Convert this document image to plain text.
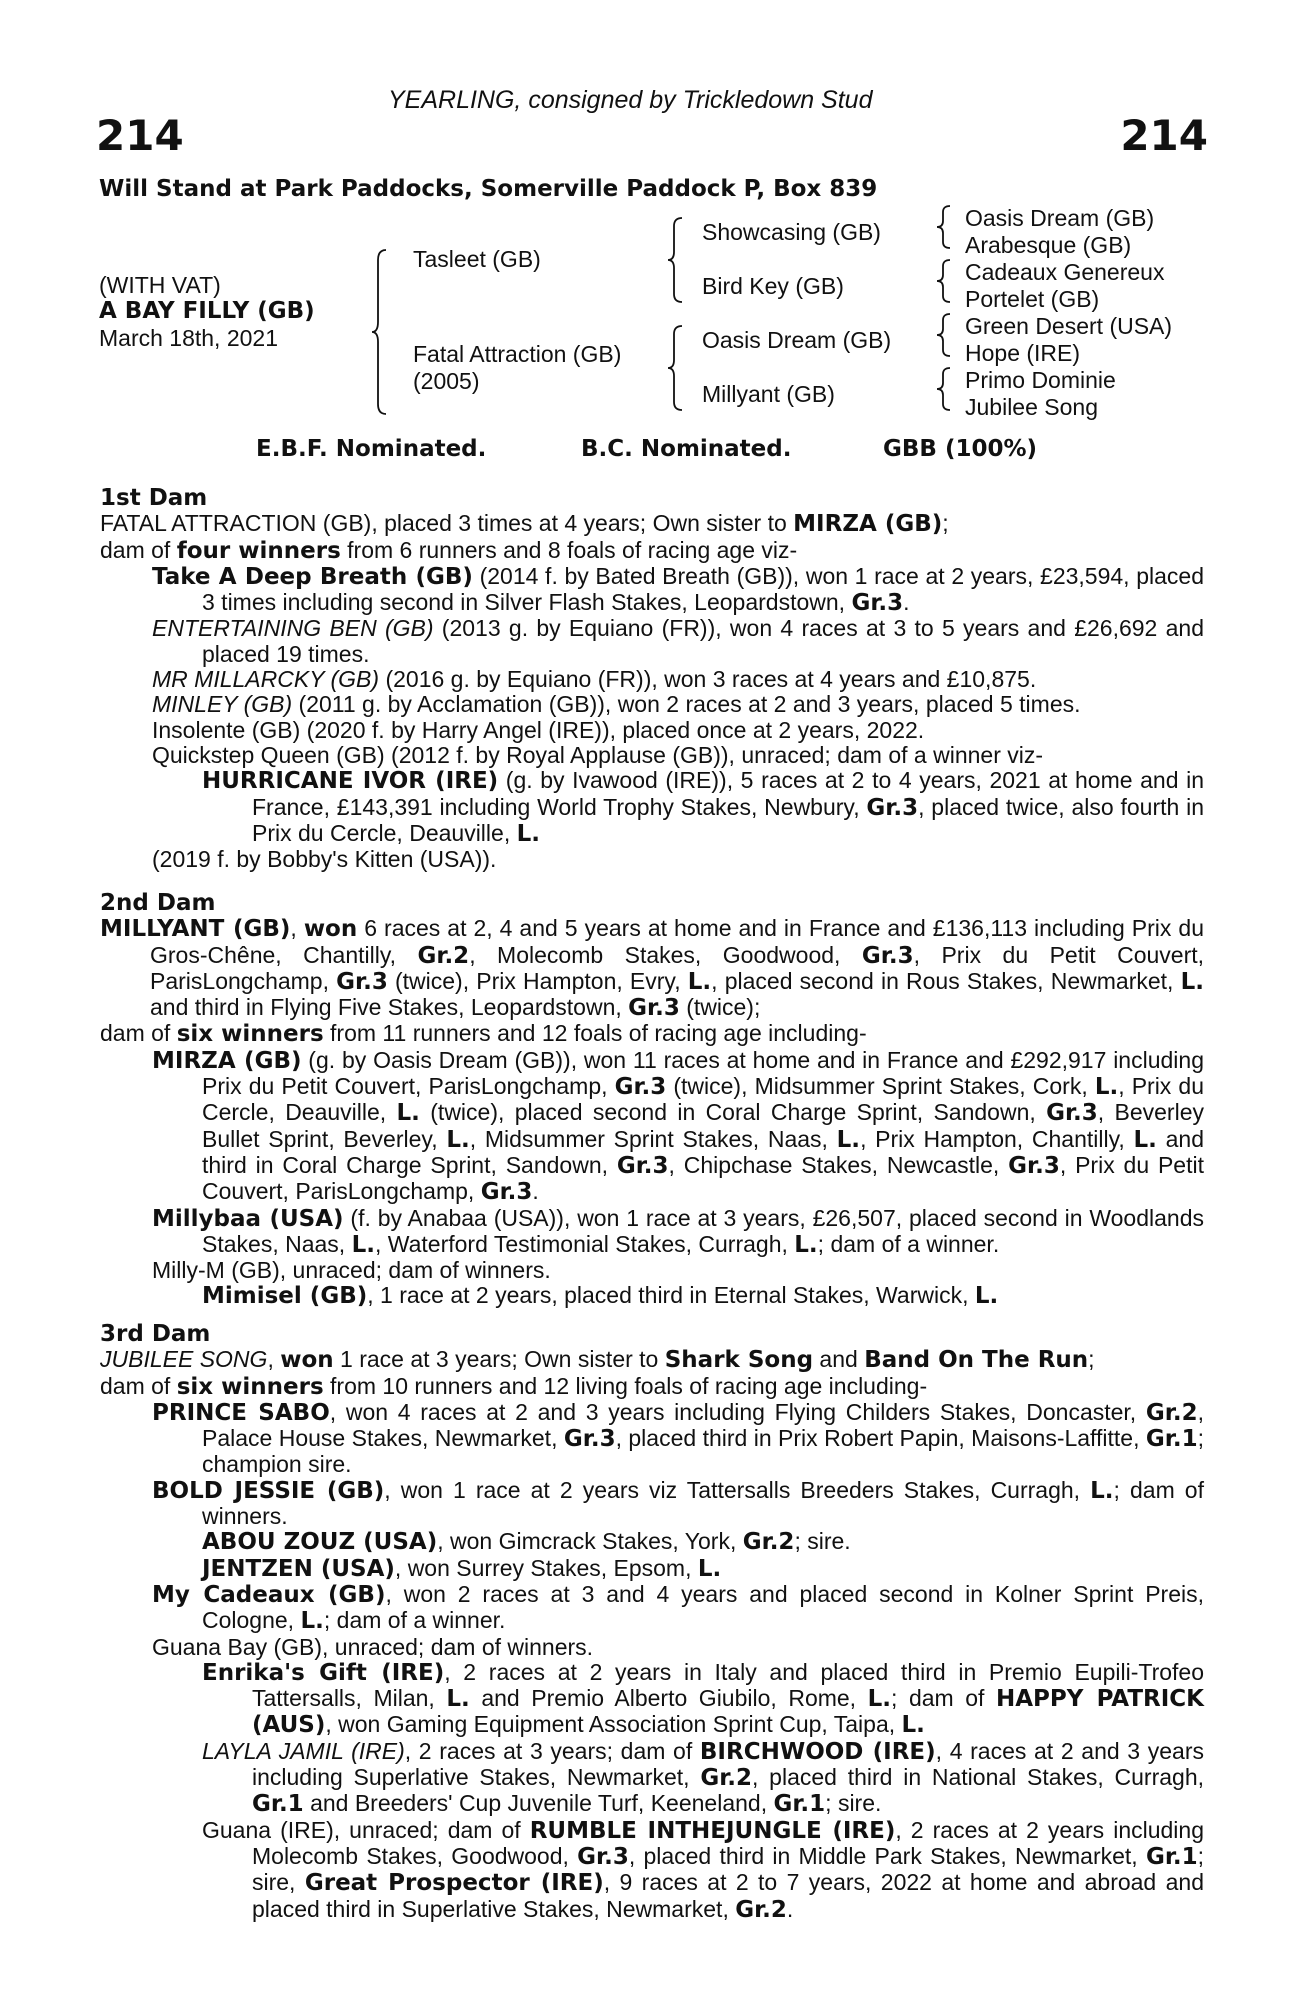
YEARLING, consigned by Trickledown Stud
214	214
Will Stand at Park Paddocks, Somerville Paddock P, Box 839
(WITH VAT)
A BAY FILLY (GB)
March 18th, 2021
Tasleet (GB)
Fatal Attraction (GB)
(2005)
Showcasing (GB)
Bird Key (GB)
Oasis Dream (GB)
Millyant (GB)
Oasis Dream (GB)
Arabesque (GB)
Cadeaux Genereux
Portelet (GB)
Green Desert (USA)
Hope (IRE)
Primo Dominie
Jubilee Song
E.B.F. Nominated.	B.C. Nominated.	GBB (100%)

1st Dam

FATAL ATTRACTION (GB), placed 3 times at 4 years; Own sister to MIRZA (GB);

dam of four winners from 6 runners and 8 foals of racing age viz-

Take A Deep Breath (GB) (2014 f. by Bated Breath (GB)), won 1 race at 2 years, £23,594, placed 3 times including second in Silver Flash Stakes, Leopardstown, Gr.3.

ENTERTAINING BEN (GB) (2013 g. by Equiano (FR)), won 4 races at 3 to 5 years and £26,692 and placed 19 times.

MR MILLARCKY (GB) (2016 g. by Equiano (FR)), won 3 races at 4 years and £10,875.

MINLEY (GB) (2011 g. by Acclamation (GB)), won 2 races at 2 and 3 years, placed 5 times.

Insolente (GB) (2020 f. by Harry Angel (IRE)), placed once at 2 years, 2022.

Quickstep Queen (GB) (2012 f. by Royal Applause (GB)), unraced; dam of a winner viz-

HURRICANE IVOR (IRE) (g. by Ivawood (IRE)), 5 races at 2 to 4 years, 2021 at home and in France, £143,391 including World Trophy Stakes, Newbury, Gr.3, placed twice, also fourth in Prix du Cercle, Deauville, L.

(2019 f. by Bobby's Kitten (USA)).

2nd Dam

MILLYANT (GB), won 6 races at 2, 4 and 5 years at home and in France and £136,113 including Prix du Gros-Chêne, Chantilly, Gr.2, Molecomb Stakes, Goodwood, Gr.3, Prix du Petit Couvert, ParisLongchamp, Gr.3 (twice), Prix Hampton, Evry, L., placed second in Rous Stakes, Newmarket, L. and third in Flying Five Stakes, Leopardstown, Gr.3 (twice);

dam of six winners from 11 runners and 12 foals of racing age including-

MIRZA (GB) (g. by Oasis Dream (GB)), won 11 races at home and in France and £292,917 including Prix du Petit Couvert, ParisLongchamp, Gr.3 (twice), Midsummer Sprint Stakes, Cork, L., Prix du Cercle, Deauville, L. (twice), placed second in Coral Charge Sprint, Sandown, Gr.3, Beverley Bullet Sprint, Beverley, L., Midsummer Sprint Stakes, Naas, L., Prix Hampton, Chantilly, L. and third in Coral Charge Sprint, Sandown, Gr.3, Chipchase Stakes, Newcastle, Gr.3, Prix du Petit Couvert, ParisLongchamp, Gr.3.

Millybaa (USA) (f. by Anabaa (USA)), won 1 race at 3 years, £26,507, placed second in Woodlands Stakes, Naas, L., Waterford Testimonial Stakes, Curragh, L.; dam of a winner.

Milly-M (GB), unraced; dam of winners.

Mimisel (GB), 1 race at 2 years, placed third in Eternal Stakes, Warwick, L.

3rd Dam

JUBILEE SONG, won 1 race at 3 years; Own sister to Shark Song and Band On The Run;

dam of six winners from 10 runners and 12 living foals of racing age including-

PRINCE SABO, won 4 races at 2 and 3 years including Flying Childers Stakes, Doncaster, Gr.2, Palace House Stakes, Newmarket, Gr.3, placed third in Prix Robert Papin, Maisons-Laffitte, Gr.1; champion sire.

BOLD JESSIE (GB), won 1 race at 2 years viz Tattersalls Breeders Stakes, Curragh, L.; dam of winners.

ABOU ZOUZ (USA), won Gimcrack Stakes, York, Gr.2; sire.

JENTZEN (USA), won Surrey Stakes, Epsom, L.

My Cadeaux (GB), won 2 races at 3 and 4 years and placed second in Kolner Sprint Preis, Cologne, L.; dam of a winner.

Guana Bay (GB), unraced; dam of winners.

Enrika's Gift (IRE), 2 races at 2 years in Italy and placed third in Premio Eupili-Trofeo Tattersalls, Milan, L. and Premio Alberto Giubilo, Rome, L.; dam of HAPPY PATRICK (AUS), won Gaming Equipment Association Sprint Cup, Taipa, L.

LAYLA JAMIL (IRE), 2 races at 3 years; dam of BIRCHWOOD (IRE), 4 races at 2 and 3 years including Superlative Stakes, Newmarket, Gr.2, placed third in National Stakes, Curragh, Gr.1 and Breeders' Cup Juvenile Turf, Keeneland, Gr.1; sire.

Guana (IRE), unraced; dam of RUMBLE INTHEJUNGLE (IRE), 2 races at 2 years including Molecomb Stakes, Goodwood, Gr.3, placed third in Middle Park Stakes, Newmarket, Gr.1; sire, Great Prospector (IRE), 9 races at 2 to 7 years, 2022 at home and abroad and placed third in Superlative Stakes, Newmarket, Gr.2.
